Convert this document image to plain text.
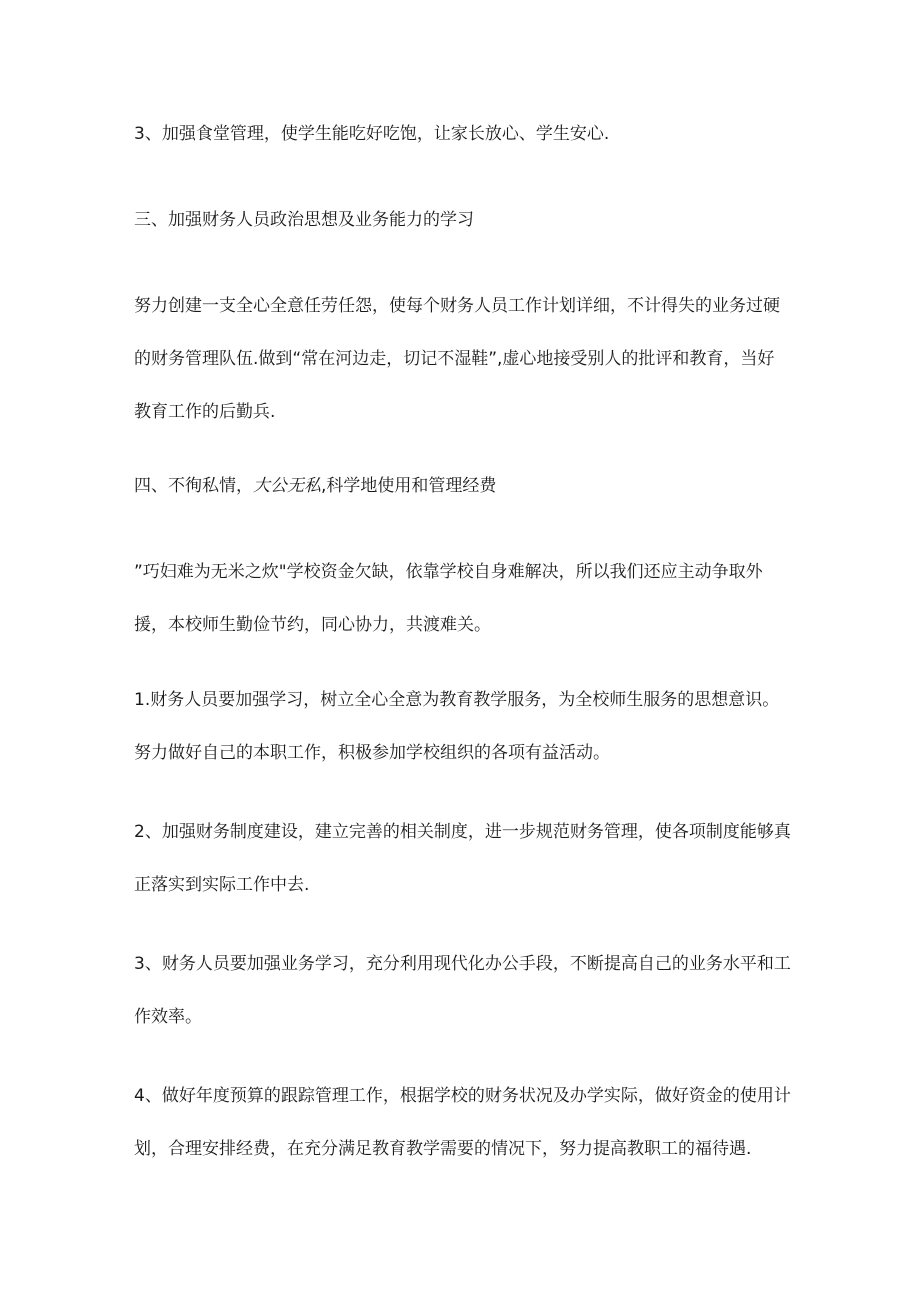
3、加强食堂管理，使学生能吃好吃饱，让家长放心、学生安心.

三、加强财务人员政治思想及业务能力的学习

努力创建一支全心全意任劳任怨，使每个财务人员工作计划详细，不计得失的业务过硬
的财务管理队伍.做到“常在河边走，切记不湿鞋”,虚心地接受别人的批评和教育，当好
教育工作的后勤兵.

四、不徇私情，大公无私,科学地使用和管理经费

”巧妇难为无米之炊"学校资金欠缺，依靠学校自身难解决，所以我们还应主动争取外
援，本校师生勤俭节约，同心协力，共渡难关。

1.财务人员要加强学习，树立全心全意为教育教学服务，为全校师生服务的思想意识。
努力做好自己的本职工作，积极参加学校组织的各项有益活动。

2、加强财务制度建设，建立完善的相关制度，进一步规范财务管理，使各项制度能够真
正落实到实际工作中去.

3、财务人员要加强业务学习，充分利用现代化办公手段，不断提高自己的业务水平和工
作效率。

4、做好年度预算的跟踪管理工作，根据学校的财务状况及办学实际，做好资金的使用计
划，合理安排经费，在充分满足教育教学需要的情况下，努力提高教职工的福待遇.
